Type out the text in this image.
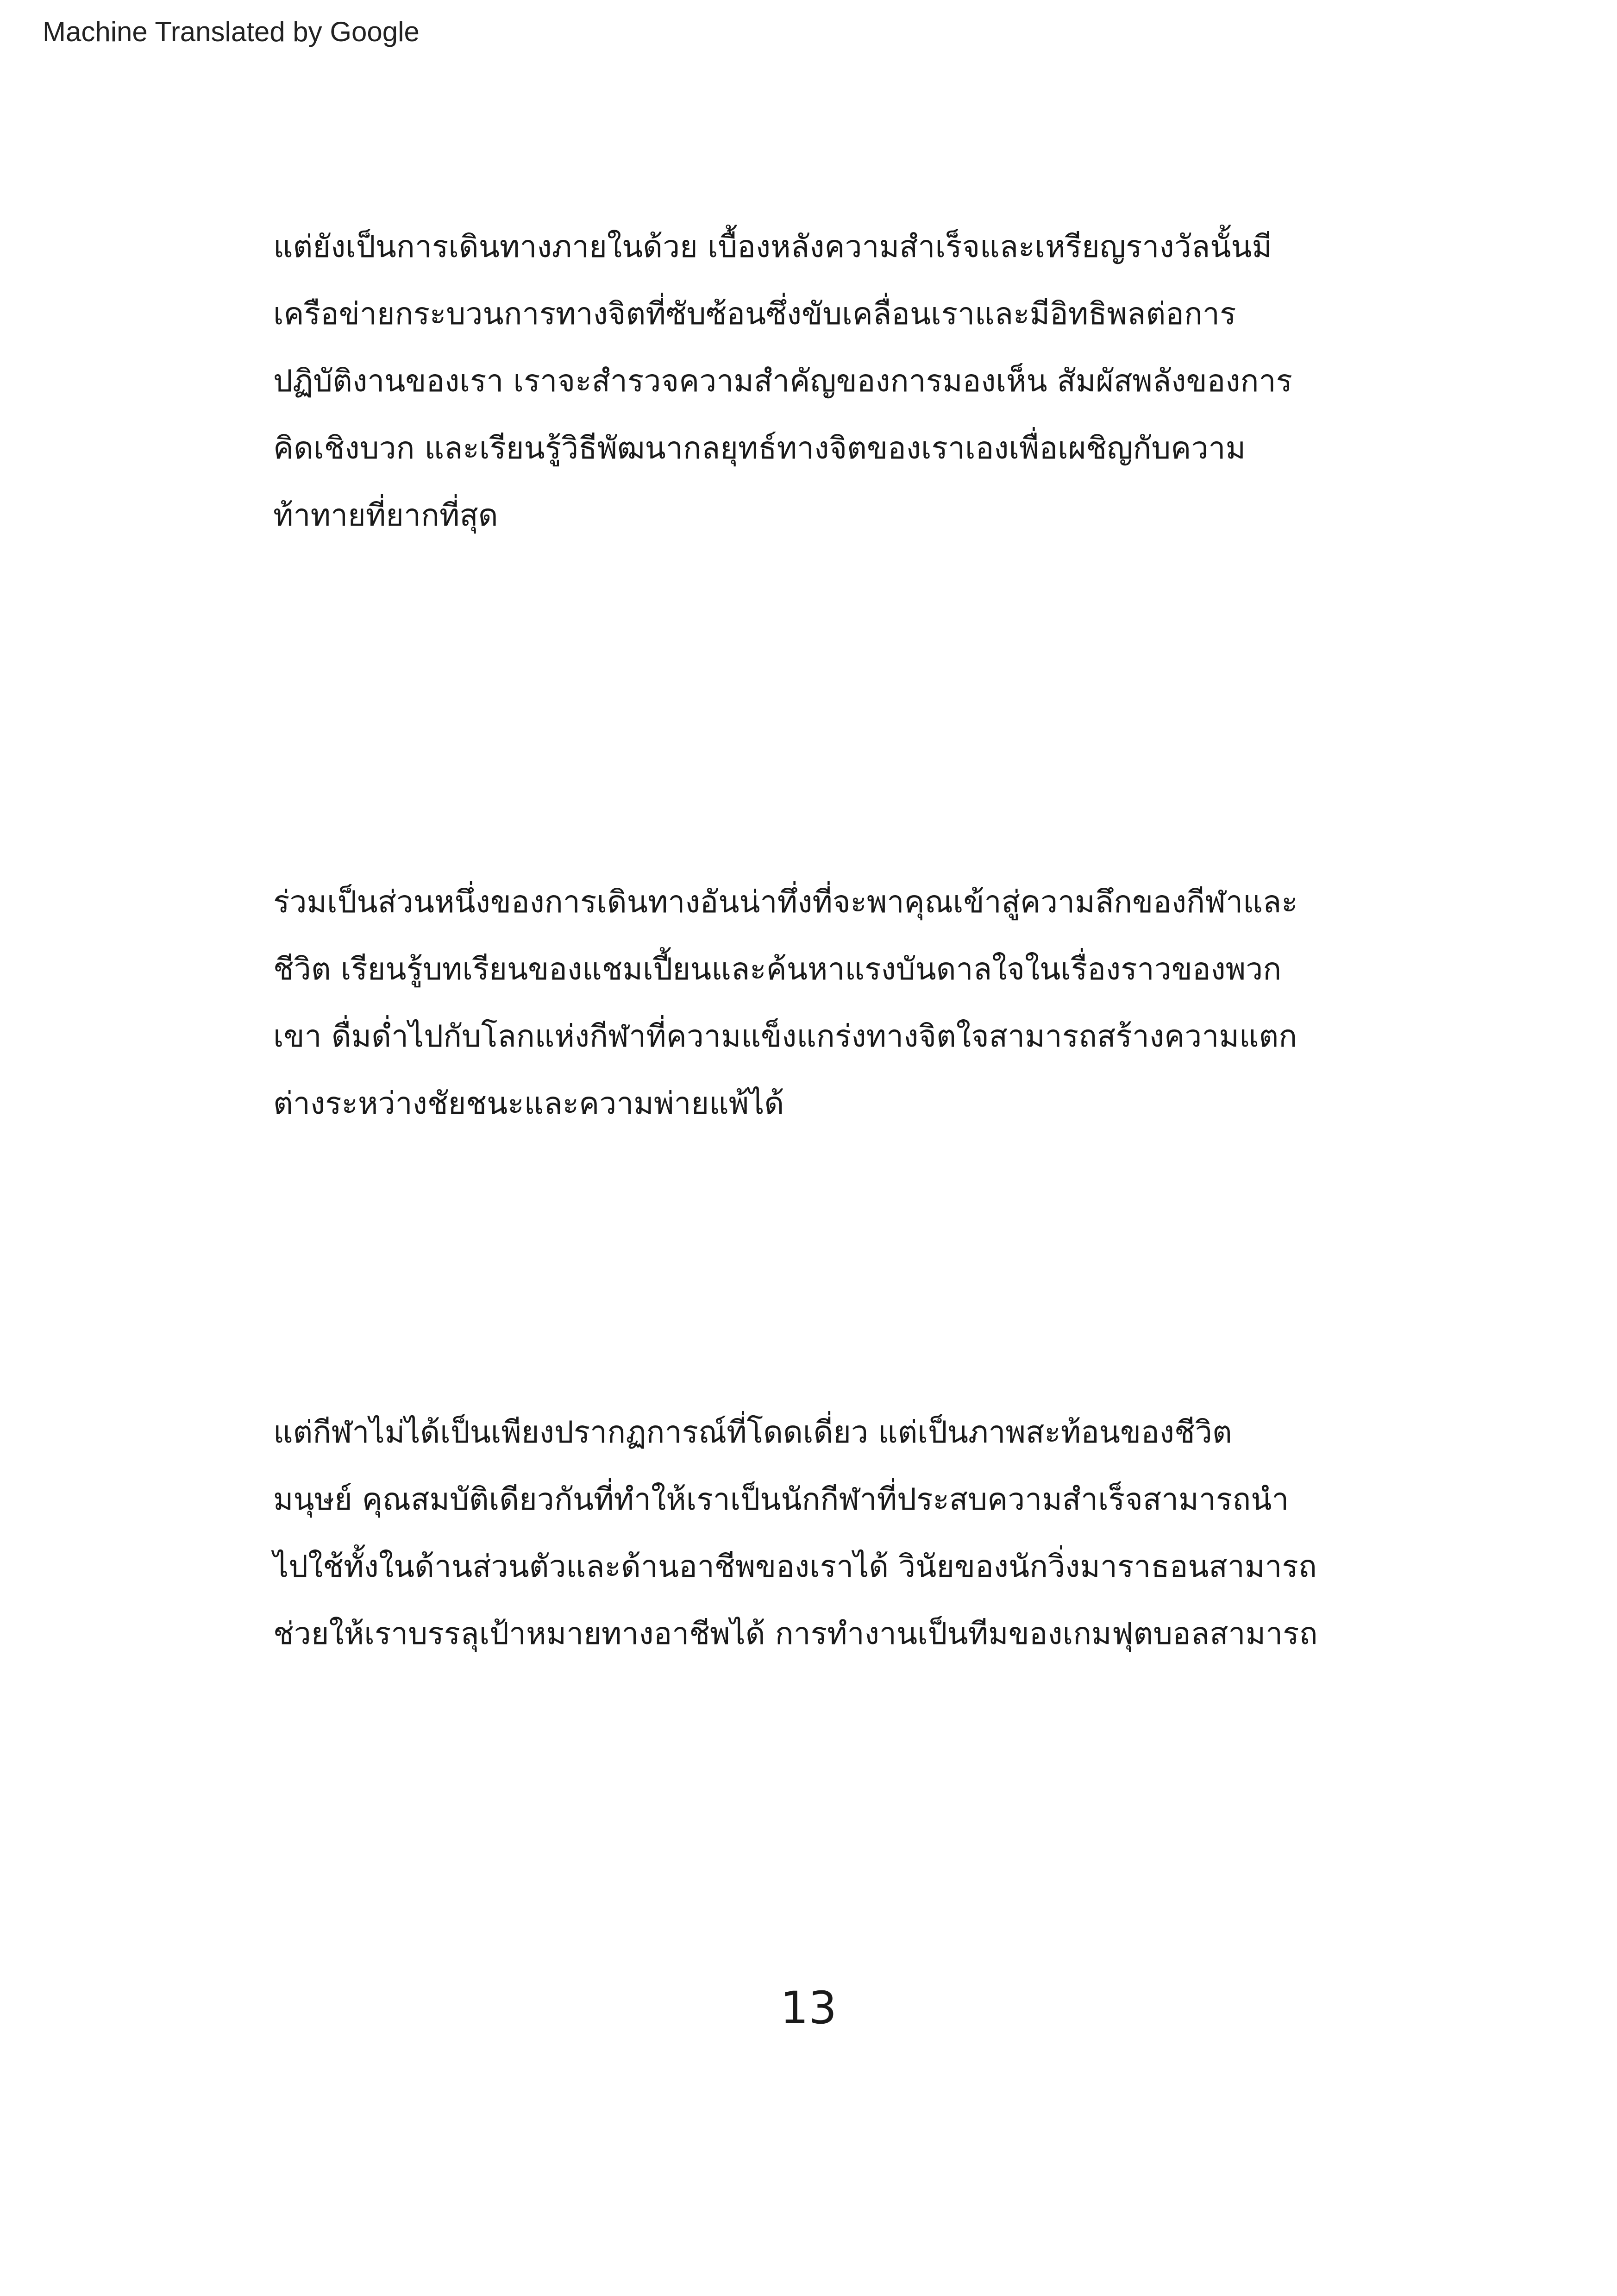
Machine Translated by Google
แต่ยังเป็นการเดินทางภายในด้วย เบื้องหลังความสำเร็จและเหรียญรางวัลนั้นมี
เครือข่ายกระบวนการทางจิตที่ซับซ้อนซึ่งขับเคลื่อนเราและมีอิทธิพลต่อการ
ปฏิบัติงานของเรา เราจะสำรวจความสำคัญของการมองเห็น สัมผัสพลังของการ
คิดเชิงบวก และเรียนรู้วิธีพัฒนากลยุทธ์ทางจิตของเราเองเพื่อเผชิญกับความ
ท้าทายที่ยากที่สุด
ร่วมเป็นส่วนหนึ่งของการเดินทางอันน่าทึ่งที่จะพาคุณเข้าสู่ความลึกของกีฬาและ
ชีวิต เรียนรู้บทเรียนของแชมเปี้ยนและค้นหาแรงบันดาลใจในเรื่องราวของพวก
เขา ดื่มด่ำไปกับโลกแห่งกีฬาที่ความแข็งแกร่งทางจิตใจสามารถสร้างความแตก
ต่างระหว่างชัยชนะและความพ่ายแพ้ได้
แต่กีฬาไม่ได้เป็นเพียงปรากฏการณ์ที่โดดเดี่ยว แต่เป็นภาพสะท้อนของชีวิต
มนุษย์ คุณสมบัติเดียวกันที่ทำให้เราเป็นนักกีฬาที่ประสบความสำเร็จสามารถนำ
ไปใช้ทั้งในด้านส่วนตัวและด้านอาชีพของเราได้ วินัยของนักวิ่งมาราธอนสามารถ
ช่วยให้เราบรรลุเป้าหมายทางอาชีพได้ การทำงานเป็นทีมของเกมฟุตบอลสามารถ
13
